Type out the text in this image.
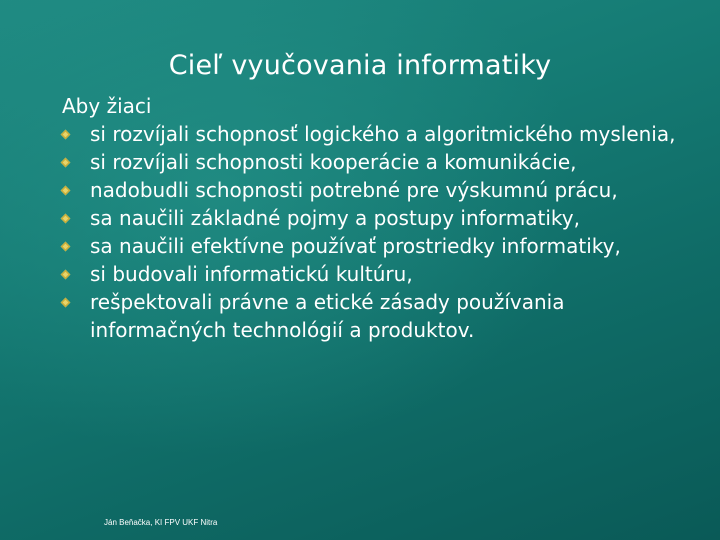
Cieľ vyučovania informatiky

Aby žiaci

si rozvíjali schopnosť logického a algoritmického myslenia,
si rozvíjali schopnosti kooperácie a komunikácie,
nadobudli schopnosti potrebné pre výskumnú prácu,
sa naučili základné pojmy a postupy informatiky,
sa naučili efektívne používať prostriedky informatiky,
si budovali informatickú kultúru,
rešpektovali právne a etické zásady používania informačných technológií a produktov.
Ján Beňačka, KI FPV UKF Nitra
